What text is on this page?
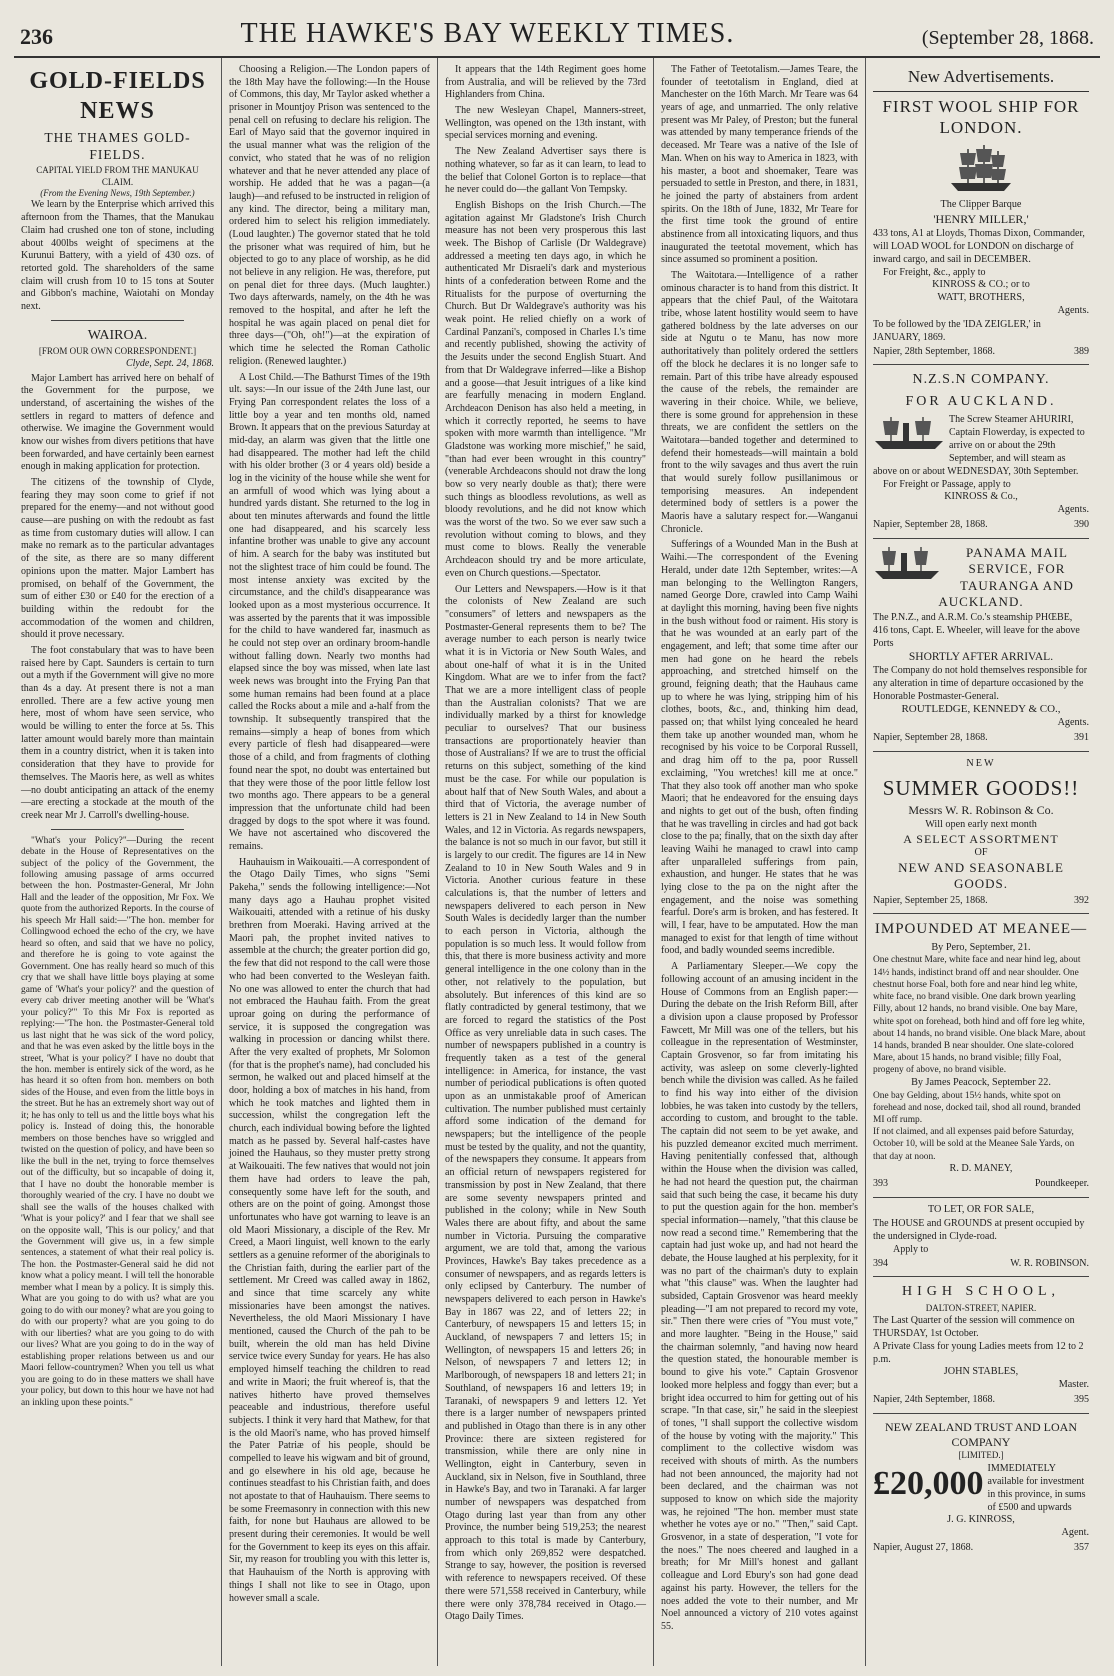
236	THE HAWKE'S BAY WEEKLY TIMES.	(September 28, 1868.
GOLD-FIELDS NEWS
THE THAMES GOLD-FIELDS.
CAPITAL YIELD FROM THE MANUKAU CLAIM.
(From the Evening News, 19th September.)

We learn by the Enterprise which arrived this afternoon from the Thames, that the Manukau Claim had crushed one ton of stone, including about 400lbs weight of specimens at the Kurunui Battery, with a yield of 430 ozs. of retorted gold. The shareholders of the same claim will crush from 10 to 15 tons at Souter and Gibbon's machine, Waiotahi on Monday next.

WAIROA.
[FROM OUR OWN CORRESPONDENT.]
Clyde, Sept. 24, 1868.

Major Lambert has arrived here on behalf of the Government for the purpose, we understand, of ascertaining the wishes of the settlers in regard to matters of defence and otherwise. We imagine the Government would know our wishes from divers petitions that have been forwarded, and have certainly been earnest enough in making application for protection.

The citizens of the township of Clyde, fearing they may soon come to grief if not prepared for the enemy—and not without good cause—are pushing on with the redoubt as fast as time from customary duties will allow. I can make no remark as to the particular advantages of the site, as there are so many different opinions upon the matter. Major Lambert has promised, on behalf of the Government, the sum of either £30 or £40 for the erection of a building within the redoubt for the accommodation of the women and children, should it prove necessary.

The foot constabulary that was to have been raised here by Capt. Saunders is certain to turn out a myth if the Government will give no more than 4s a day. At present there is not a man enrolled. There are a few active young men here, most of whom have seen service, who would be willing to enter the force at 5s. This latter amount would barely more than maintain them in a country district, when it is taken into consideration that they have to provide for themselves. The Maoris here, as well as whites—no doubt anticipating an attack of the enemy—are erecting a stockade at the mouth of the creek near Mr J. Carroll's dwelling-house.

"What's your Policy?"—During the recent debate in the House of Representatives on the subject of the policy of the Government, the following amusing passage of arms occurred between the hon. Postmaster-General, Mr John Hall and the leader of the opposition, Mr Fox. We quote from the authorized Reports. In the course of his speech Mr Hall said:—"The hon. member for Collingwood echoed the echo of the cry, we have heard so often, and said that we have no policy, and therefore he is going to vote against the Government. One has really heard so much of this cry that we shall have little boys playing at some game of 'What's your policy?' and the question of every cab driver meeting another will be 'What's your policy?'" To this Mr Fox is reported as replying:—"The hon. the Postmaster-General told us last night that he was sick of the word policy, and that he was even asked by the little boys in the street, 'What is your policy?' I have no doubt that the hon. member is entirely sick of the word, as he has heard it so often from hon. members on both sides of the House, and even from the little boys in the street. But he has an extremely short way out of it; he has only to tell us and the little boys what his policy is. Instead of doing this, the honorable members on those benches have so wriggled and twisted on the question of policy, and have been so like the bull in the net, trying to force themselves out of the difficulty, but so incapable of doing it, that I have no doubt the honorable member is thoroughly wearied of the cry. I have no doubt we shall see the walls of the houses chalked with 'What is your policy?' and I fear that we shall see on the opposite wall, 'This is our policy,' and that the Government will give us, in a few simple sentences, a statement of what their real policy is. The hon. the Postmaster-General said he did not know what a policy meant. I will tell the honorable member what I mean by a policy. It is simply this. What are you going to do with us? what are you going to do with our money? what are you going to do with our property? what are you going to do with our liberties? what are you going to do with our lives? What are you going to do in the way of establishing proper relations between us and our Maori fellow-countrymen? When you tell us what you are going to do in these matters we shall have your policy, but down to this hour we have not had an inkling upon these points."

Choosing a Religion.—The London papers of the 18th May have the following:—In the House of Commons, this day, Mr Taylor asked whether a prisoner in Mountjoy Prison was sentenced to the penal cell on refusing to declare his religion. The Earl of Mayo said that the governor inquired in the usual manner what was the religion of the convict, who stated that he was of no religion whatever and that he never attended any place of worship. He added that he was a pagan—(a laugh)—and refused to be instructed in religion of any kind. The director, being a military man, ordered him to select his religion immediately. (Loud laughter.) The governor stated that he told the prisoner what was required of him, but he objected to go to any place of worship, as he did not believe in any religion. He was, therefore, put on penal diet for three days. (Much laughter.) Two days afterwards, namely, on the 4th he was removed to the hospital, and after he left the hospital he was again placed on penal diet for three days—("Oh, oh!")—at the expiration of which time he selected the Roman Catholic religion. (Renewed laughter.)

A Lost Child.—The Bathurst Times of the 19th ult. says:—In our issue of the 24th June last, our Frying Pan correspondent relates the loss of a little boy a year and ten months old, named Brown. It appears that on the previous Saturday at mid-day, an alarm was given that the little one had disappeared. The mother had left the child with his older brother (3 or 4 years old) beside a log in the vicinity of the house while she went for an armfull of wood which was lying about a hundred yards distant. She returned to the log in about ten minutes afterwards and found the little one had disappeared, and his scarcely less infantine brother was unable to give any account of him. A search for the baby was instituted but not the slightest trace of him could be found. The most intense anxiety was excited by the circumstance, and the child's disappearance was looked upon as a most mysterious occurrence. It was asserted by the parents that it was impossible for the child to have wandered far, inasmuch as he could not step over an ordinary broom-handle without falling down. Nearly two months had elapsed since the boy was missed, when late last week news was brought into the Frying Pan that some human remains had been found at a place called the Rocks about a mile and a-half from the township. It subsequently transpired that the remains—simply a heap of bones from which every particle of flesh had disappeared—were those of a child, and from fragments of clothing found near the spot, no doubt was entertained but that they were those of the poor little fellow lost two months ago. There appears to be a general impression that the unfortunate child had been dragged by dogs to the spot where it was found. We have not ascertained who discovered the remains.

Hauhauism in Waikouaiti.—A correspondent of the Otago Daily Times, who signs "Semi Pakeha," sends the following intelligence:—Not many days ago a Hauhau prophet visited Waikouaiti, attended with a retinue of his dusky brethren from Moeraki. Having arrived at the Maori pah, the prophet invited natives to assemble at the church; the greater portion did go, the few that did not respond to the call were those who had been converted to the Wesleyan faith. No one was allowed to enter the church that had not embraced the Hauhau faith. From the great uproar going on during the performance of service, it is supposed the congregation was walking in procession or dancing whilst there. After the very exalted of prophets, Mr Solomon (for that is the prophet's name), had concluded his sermon, he walked out and placed himself at the door, holding a box of matches in his hand, from which he took matches and lighted them in succession, whilst the congregation left the church, each individual bowing before the lighted match as he passed by. Several half-castes have joined the Hauhaus, so they muster pretty strong at Waikouaiti. The few natives that would not join them have had orders to leave the pah, consequently some have left for the south, and others are on the point of going. Amongst those unfortunates who have got warning to leave is an old Maori Missionary, a disciple of the Rev. Mr Creed, a Maori linguist, well known to the early settlers as a genuine reformer of the aboriginals to the Christian faith, during the earlier part of the settlement. Mr Creed was called away in 1862, and since that time scarcely any white missionaries have been amongst the natives. Nevertheless, the old Maori Missionary I have mentioned, caused the Church of the pah to be built, wherein the old man has held Divine service twice every Sunday for years. He has also employed himself teaching the children to read and write in Maori; the fruit whereof is, that the natives hitherto have proved themselves peaceable and industrious, therefore useful subjects. I think it very hard that Mathew, for that is the old Maori's name, who has proved himself the Pater Patriæ of his people, should be compelled to leave his wigwam and bit of ground, and go elsewhere in his old age, because he continues steadfast to his Christian faith, and does not apostate to that of Hauhauism. There seems to be some Freemasonry in connection with this new faith, for none but Hauhaus are allowed to be present during their ceremonies. It would be well for the Government to keep its eyes on this affair. Sir, my reason for troubling you with this letter is, that Hauhauism of the North is approving with things I shall not like to see in Otago, upon however small a scale.

It appears that the 14th Regiment goes home from Australia, and will be relieved by the 73rd Highlanders from China.

The new Wesleyan Chapel, Manners-street, Wellington, was opened on the 13th instant, with special services morning and evening.

The New Zealand Advertiser says there is nothing whatever, so far as it can learn, to lead to the belief that Colonel Gorton is to replace—that he never could do—the gallant Von Tempsky.

English Bishops on the Irish Church.—The agitation against Mr Gladstone's Irish Church measure has not been very prosperous this last week. The Bishop of Carlisle (Dr Waldegrave) addressed a meeting ten days ago, in which he authenticated Mr Disraeli's dark and mysterious hints of a confederation between Rome and the Ritualists for the purpose of overturning the Church. But Dr Waldegrave's authority was his weak point. He relied chiefly on a work of Cardinal Panzani's, composed in Charles I.'s time and recently published, showing the activity of the Jesuits under the second English Stuart. And from that Dr Waldegrave inferred—like a Bishop and a goose—that Jesuit intrigues of a like kind are fearfully menacing in modern England. Archdeacon Denison has also held a meeting, in which it correctly reported, he seems to have spoken with more warmth than intelligence. "Mr Gladstone was working more mischief," he said, "than had ever been wrought in this country" (venerable Archdeacons should not draw the long bow so very nearly double as that); there were such things as bloodless revolutions, as well as bloody revolutions, and he did not know which was the worst of the two. So we ever saw such a revolution without coming to blows, and they must come to blows. Really the venerable Archdeacon should try and be more articulate, even on Church questions.—Spectator.

Our Letters and Newspapers.—How is it that the colonists of New Zealand are such "consumers" of letters and newspapers as the Postmaster-General represents them to be? The average number to each person is nearly twice what it is in Victoria or New South Wales, and about one-half of what it is in the United Kingdom. What are we to infer from the fact? That we are a more intelligent class of people than the Australian colonists? That we are individually marked by a thirst for knowledge peculiar to ourselves? That our business transactions are proportionately heavier than those of Australians? If we are to trust the official returns on this subject, something of the kind must be the case. For while our population is about half that of New South Wales, and about a third that of Victoria, the average number of letters is 21 in New Zealand to 14 in New South Wales, and 12 in Victoria. As regards newspapers, the balance is not so much in our favor, but still it is largely to our credit. The figures are 14 in New Zealand to 10 in New South Wales and 9 in Victoria. Another curious feature in these calculations is, that the number of letters and newspapers delivered to each person in New South Wales is decidedly larger than the number to each person in Victoria, although the population is so much less. It would follow from this, that there is more business activity and more general intelligence in the one colony than in the other, not relatively to the population, but absolutely. But inferences of this kind are so flatly contradicted by general testimony, that we are forced to regard the statistics of the Post Office as very unreliable data in such cases. The number of newspapers published in a country is frequently taken as a test of the general intelligence: in America, for instance, the vast number of periodical publications is often quoted upon as an unmistakable proof of American cultivation. The number published must certainly afford some indication of the demand for newspapers; but the intelligence of the people must be tested by the quality, and not the quantity, of the newspapers they consume. It appears from an official return of newspapers registered for transmission by post in New Zealand, that there are some seventy newspapers printed and published in the colony; while in New South Wales there are about fifty, and about the same number in Victoria. Pursuing the comparative argument, we are told that, among the various Provinces, Hawke's Bay takes precedence as a consumer of newspapers, and as regards letters is only eclipsed by Canterbury. The number of newspapers delivered to each person in Hawke's Bay in 1867 was 22, and of letters 22; in Canterbury, of newspapers 15 and letters 15; in Auckland, of newspapers 7 and letters 15; in Wellington, of newspapers 15 and letters 26; in Nelson, of newspapers 7 and letters 12; in Marlborough, of newspapers 18 and letters 21; in Southland, of newspapers 16 and letters 19; in Taranaki, of newspapers 9 and letters 12. Yet there is a larger number of newspapers printed and published in Otago than there is in any other Province: there are sixteen registered for transmission, while there are only nine in Wellington, eight in Canterbury, seven in Auckland, six in Nelson, five in Southland, three in Hawke's Bay, and two in Taranaki. A far larger number of newspapers was despatched from Otago during last year than from any other Province, the number being 519,253; the nearest approach to this total is made by Canterbury, from which only 269,852 were despatched. Strange to say, however, the position is reversed with reference to newspapers received. Of these there were 571,558 received in Canterbury, while there were only 378,784 received in Otago.—Otago Daily Times.

The Father of Teetotalism.—James Teare, the founder of teetotalism in England, died at Manchester on the 16th March. Mr Teare was 64 years of age, and unmarried. The only relative present was Mr Paley, of Preston; but the funeral was attended by many temperance friends of the deceased. Mr Teare was a native of the Isle of Man. When on his way to America in 1823, with his master, a boot and shoemaker, Teare was persuaded to settle in Preston, and there, in 1831, he joined the party of abstainers from ardent spirits. On the 18th of June, 1832, Mr Teare for the first time took the ground of entire abstinence from all intoxicating liquors, and thus inaugurated the teetotal movement, which has since assumed so prominent a position.

The Waitotara.—Intelligence of a rather ominous character is to hand from this district. It appears that the chief Paul, of the Waitotara tribe, whose latent hostility would seem to have gathered boldness by the late adverses on our side at Ngutu o te Manu, has now more authoritatively than politely ordered the settlers off the block he declares it is no longer safe to remain. Part of this tribe have already espoused the cause of the rebels, the remainder are wavering in their choice. While, we believe, there is some ground for apprehension in these threats, we are confident the settlers on the Waitotara—banded together and determined to defend their homesteads—will maintain a bold front to the wily savages and thus avert the ruin that would surely follow pusillanimous or temporising measures. An independent determined body of settlers is a power the Maoris have a salutary respect for.—Wanganui Chronicle.

Sufferings of a Wounded Man in the Bush at Waihi.—The correspondent of the Evening Herald, under date 12th September, writes:—A man belonging to the Wellington Rangers, named George Dore, crawled into Camp Waihi at daylight this morning, having been five nights in the bush without food or raiment. His story is that he was wounded at an early part of the engagement, and left; that some time after our men had gone on he heard the rebels approaching, and stretched himself on the ground, feigning death; that the Hauhaus came up to where he was lying, stripping him of his clothes, boots, &c., and, thinking him dead, passed on; that whilst lying concealed he heard them take up another wounded man, whom he recognised by his voice to be Corporal Russell, and drag him off to the pa, poor Russell exclaiming, "You wretches! kill me at once." That they also took off another man who spoke Maori; that he endeavored for the ensuing days and nights to get out of the bush, often finding that he was travelling in circles and had got back close to the pa; finally, that on the sixth day after leaving Waihi he managed to crawl into camp after unparalleled sufferings from pain, exhaustion, and hunger. He states that he was lying close to the pa on the night after the engagement, and the noise was something fearful. Dore's arm is broken, and has festered. It will, I fear, have to be amputated. How the man managed to exist for that length of time without food, and badly wounded seems incredible.

A Parliamentary Sleeper.—We copy the following account of an amusing incident in the House of Commons from an English paper:—During the debate on the Irish Reform Bill, after a division upon a clause proposed by Professor Fawcett, Mr Mill was one of the tellers, but his colleague in the representation of Westminster, Captain Grosvenor, so far from imitating his activity, was asleep on some cleverly-lighted bench while the division was called. As he failed to find his way into either of the division lobbies, he was taken into custody by the tellers, according to custom, and brought to the table. The captain did not seem to be yet awake, and his puzzled demeanor excited much merriment. Having penitentially confessed that, although within the House when the division was called, he had not heard the question put, the chairman said that such being the case, it became his duty to put the question again for the hon. member's special information—namely, "that this clause be now read a second time." Remembering that the captain had just woke up, and had not heard the debate, the House laughed at his perplexity, for it was no part of the chairman's duty to explain what "this clause" was. When the laughter had subsided, Captain Grosvenor was heard meekly pleading—"I am not prepared to record my vote, sir." Then there were cries of "You must vote," and more laughter. "Being in the House," said the chairman solemnly, "and having now heard the question stated, the honourable member is bound to give his vote." Captain Grosvenor looked more helpless and foggy than ever; but a bright idea occurred to him for getting out of his scrape. "In that case, sir," he said in the sleepiest of tones, "I shall support the collective wisdom of the house by voting with the majority." This compliment to the collective wisdom was received with shouts of mirth. As the numbers had not been announced, the majority had not been declared, and the chairman was not supposed to know on which side the majority was, he rejoined "The hon. member must state whether he votes aye or no." "Then," said Capt. Grosvenor, in a state of desperation, "I vote for the noes." The noes cheered and laughed in a breath; for Mr Mill's honest and gallant colleague and Lord Ebury's son had gone dead against his party. However, the tellers for the noes added the vote to their number, and Mr Noel announced a victory of 210 votes against 55.

New Advertisements.
FIRST WOOL SHIP FOR LONDON.
The Clipper Barque
'HENRY MILLER,'
433 tons, A1 at Lloyds, Thomas Dixon, Commander, will LOAD WOOL for LONDON on discharge of inward cargo, and sail in DECEMBER.
For Freight, &c., apply to
KINROSS & CO.; or to
WATT, BROTHERS,
Agents.
To be followed by the 'IDA ZEIGLER,' in JANUARY, 1869.
Napier, 28th September, 1868.	389
N.Z.S.N COMPANY.
FOR AUCKLAND.
The Screw Steamer AHURIRI, Captain Flowerday, is expected to arrive on or about the 29th September, and will steam as above on or about WEDNESDAY, 30th September.
For Freight or Passage, apply to
KINROSS & Co.,
Agents.
Napier, September 28, 1868.	390
PANAMA MAIL SERVICE, FOR TAURANGA AND AUCKLAND.
The P.N.Z., and A.R.M. Co.'s steamship PHŒBE, 416 tons, Capt. E. Wheeler, will leave for the above Ports
SHORTLY AFTER ARRIVAL.
The Company do not hold themselves responsible for any alteration in time of departure occasioned by the Honorable Postmaster-General.
ROUTLEDGE, KENNEDY & CO.,
Agents.
Napier, September 28, 1868.	391
NEW
SUMMER GOODS!!
Messrs W. R. Robinson & Co.
Will open early next month
A SELECT ASSORTMENT
OF
NEW AND SEASONABLE GOODS.
Napier, September 25, 1868.	392
IMPOUNDED AT MEANEE—
By Pero, September, 21.
One chestnut Mare, white face and near hind leg, about 14½ hands, indistinct brand off and near shoulder. One chestnut horse Foal, both fore and near hind leg white, white face, no brand visible. One dark brown yearling Filly, about 12 hands, no brand visible. One bay Mare, white spot on forehead, both hind and off fore leg white, about 14 hands, no brand visible. One black Mare, about 14 hands, branded B near shoulder. One slate-colored Mare, about 15 hands, no brand visible; filly Foal, progeny of above, no brand visible.
By James Peacock, September 22.
One bay Gelding, about 15½ hands, white spot on forehead and nose, docked tail, shod all round, branded MI off rump.
If not claimed, and all expenses paid before Saturday, October 10, will be sold at the Meanee Sale Yards, on that day at noon.
R. D. MANEY,
393	Poundkeeper.
TO LET, OR FOR SALE,
The HOUSE and GROUNDS at present occupied by the undersigned in Clyde-road.
Apply to
394	W. R. ROBINSON.
HIGH SCHOOL,
DALTON-STREET, NAPIER.
The Last Quarter of the session will commence on THURSDAY, 1st October.
A Private Class for young Ladies meets from 12 to 2 p.m.
JOHN STABLES,
Master.
Napier, 24th September, 1868.	395
NEW ZEALAND TRUST AND LOAN COMPANY
[LIMITED.]
£20,000 IMMEDIATELY available for investment in this province, in sums of £500 and upwards
J. G. KINROSS,
Agent.
Napier, August 27, 1868.	357
